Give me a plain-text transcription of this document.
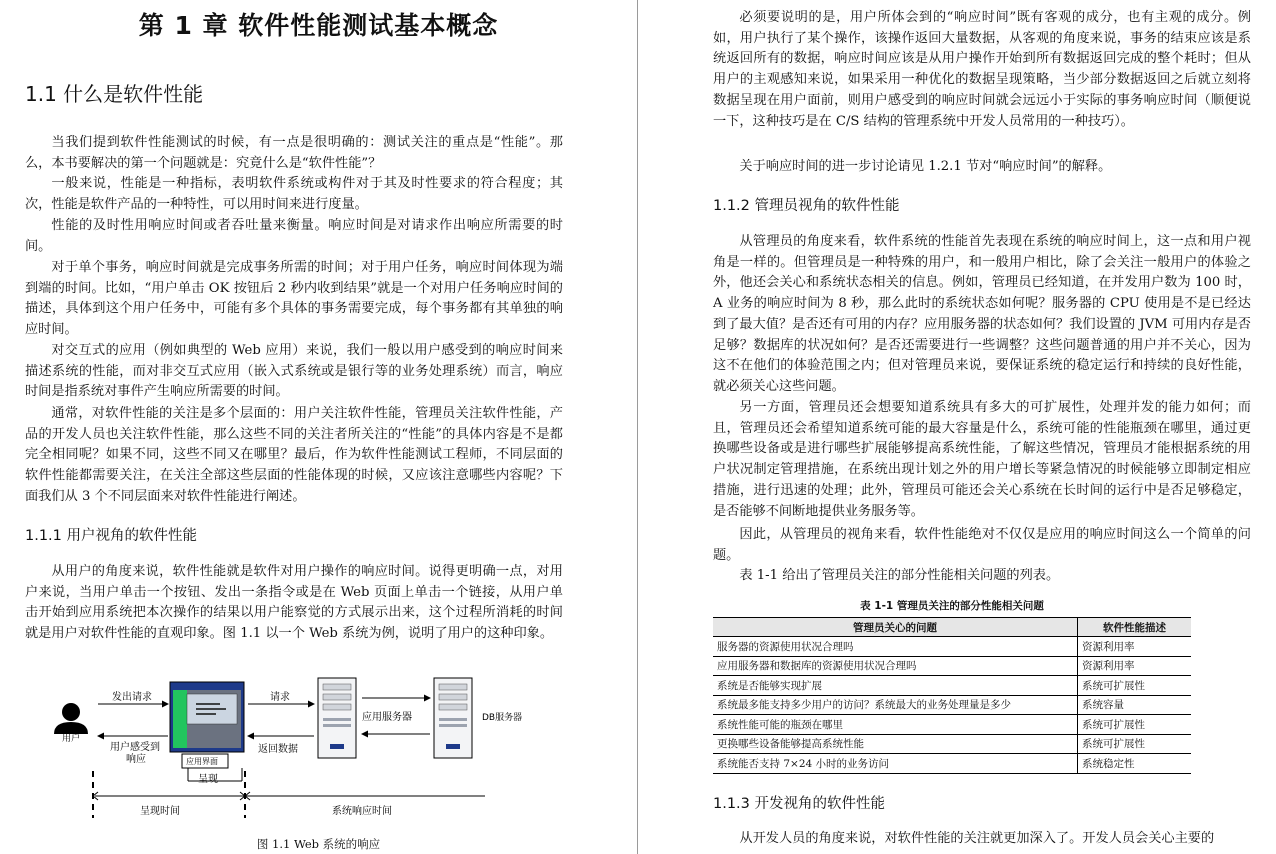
第 1 章 软件性能测试基本概念
1.1 什么是软件性能

当我们提到软件性能测试的时候，有一点是很明确的：测试关注的重点是“性能”。那么，本书要解决的第一个问题就是：究竟什么是“软件性能”？

一般来说，性能是一种指标，表明软件系统或构件对于其及时性要求的符合程度；其次，性能是软件产品的一种特性，可以用时间来进行度量。

性能的及时性用响应时间或者吞吐量来衡量。响应时间是对请求作出响应所需要的时间。

对于单个事务，响应时间就是完成事务所需的时间；对于用户任务，响应时间体现为端到端的时间。比如，“用户单击 OK 按钮后 2 秒内收到结果”就是一个对用户任务响应时间的描述，具体到这个用户任务中，可能有多个具体的事务需要完成，每个事务都有其单独的响应时间。

对交互式的应用（例如典型的 Web 应用）来说，我们一般以用户感受到的响应时间来描述系统的性能，而对非交互式应用（嵌入式系统或是银行等的业务处理系统）而言，响应时间是指系统对事件产生响应所需要的时间。

通常，对软件性能的关注是多个层面的：用户关注软件性能，管理员关注软件性能，产品的开发人员也关注软件性能，那么这些不同的关注者所关注的“性能”的具体内容是不是都完全相同呢？如果不同，这些不同又在哪里？最后，作为软件性能测试工程师，不同层面的软件性能都需要关注，在关注全部这些层面的性能体现的时候，又应该注意哪些内容呢？下面我们从 3 个不同层面来对软件性能进行阐述。

1.1.1 用户视角的软件性能

从用户的角度来说，软件性能就是软件对用户操作的响应时间。说得更明确一点，对用户来说，当用户单击一个按钮、发出一条指令或是在 Web 页面上单击一个链接，从用户单击开始到应用系统把本次操作的结果以用户能察觉的方式展示出来，这个过程所消耗的时间就是用户对软件性能的直观印象。图 1.1 以一个 Web 系统为例，说明了用户的这种印象。

用户
发出请求
用户感受到
响应	应用界面
呈现
请求
返回数据
应用服务器	DB服务器
呈现时间	系统响应时间
图 1.1 Web 系统的响应

必须要说明的是，用户所体会到的“响应时间”既有客观的成分，也有主观的成分。例如，用户执行了某个操作，该操作返回大量数据，从客观的角度来说，事务的结束应该是系统返回所有的数据，响应时间应该是从用户操作开始到所有数据返回完成的整个耗时；但从用户的主观感知来说，如果采用一种优化的数据呈现策略，当少部分数据返回之后就立刻将数据呈现在用户面前，则用户感受到的响应时间就会远远小于实际的事务响应时间（顺便说一下，这种技巧是在 C/S 结构的管理系统中开发人员常用的一种技巧）。

关于响应时间的进一步讨论请见 1.2.1 节对“响应时间”的解释。

1.1.2 管理员视角的软件性能

从管理员的角度来看，软件系统的性能首先表现在系统的响应时间上，这一点和用户视角是一样的。但管理员是一种特殊的用户，和一般用户相比，除了会关注一般用户的体验之外，他还会关心和系统状态相关的信息。例如，管理员已经知道，在并发用户数为 100 时，A 业务的响应时间为 8 秒，那么此时的系统状态如何呢？服务器的 CPU 使用是不是已经达到了最大值？是否还有可用的内存？应用服务器的状态如何？我们设置的 JVM 可用内存是否足够？数据库的状况如何？是否还需要进行一些调整？这些问题普通的用户并不关心，因为这不在他们的体验范围之内；但对管理员来说，要保证系统的稳定运行和持续的良好性能，就必须关心这些问题。

另一方面，管理员还会想要知道系统具有多大的可扩展性，处理并发的能力如何；而且，管理员还会希望知道系统可能的最大容量是什么，系统可能的性能瓶颈在哪里，通过更换哪些设备或是进行哪些扩展能够提高系统性能，了解这些情况，管理员才能根据系统的用户状况制定管理措施，在系统出现计划之外的用户增长等紧急情况的时候能够立即制定相应措施，进行迅速的处理；此外，管理员可能还会关心系统在长时间的运行中是否足够稳定，是否能够不间断地提供业务服务等。

因此，从管理员的视角来看，软件性能绝对不仅仅是应用的响应时间这么一个简单的问题。

表 1-1 给出了管理员关注的部分性能相关问题的列表。

表 1-1 管理员关注的部分性能相关问题
管理员关心的问题	软件性能描述
服务器的资源使用状况合理吗	资源利用率
应用服务器和数据库的资源使用状况合理吗	资源利用率
系统是否能够实现扩展	系统可扩展性
系统最多能支持多少用户的访问？系统最大的业务处理量是多少	系统容量
系统性能可能的瓶颈在哪里	系统可扩展性
更换哪些设备能够提高系统性能	系统可扩展性
系统能否支持 7×24 小时的业务访问	系统稳定性
1.1.3 开发视角的软件性能

从开发人员的角度来说，对软件性能的关注就更加深入了。开发人员会关心主要的
